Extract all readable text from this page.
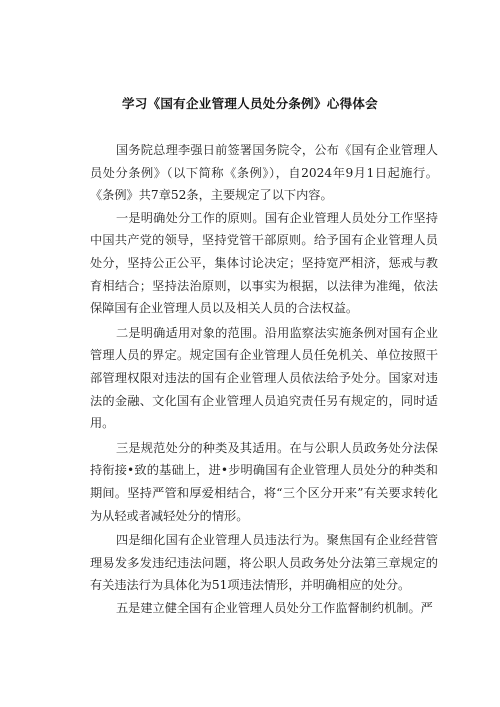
学习《国有企业管理人员处分条例》心得体会

国务院总理李强日前签署国务院令，公布《国有企业管理人员处分条例》（以下简称《条例》），自2024年9月1日起施行。《条例》共7章52条，主要规定了以下内容。

一是明确处分工作的原则。国有企业管理人员处分工作坚持中国共产党的领导，坚持党管干部原则。给予国有企业管理人员处分，坚持公正公平，集体讨论决定；坚持宽严相济，惩戒与教育相结合；坚持法治原则，以事实为根据，以法律为准绳，依法保障国有企业管理人员以及相关人员的合法权益。

二是明确适用对象的范围。沿用监察法实施条例对国有企业管理人员的界定。规定国有企业管理人员任免机关、单位按照干部管理权限对违法的国有企业管理人员依法给予处分。国家对违法的金融、文化国有企业管理人员追究责任另有规定的，同时适用。

三是规范处分的种类及其适用。在与公职人员政务处分法保持衔接•致的基础上，进•步明确国有企业管理人员处分的种类和期间。坚持严管和厚爱相结合，将“三个区分开来”有关要求转化为从轻或者减轻处分的情形。

四是细化国有企业管理人员违法行为。聚焦国有企业经营管理易发多发违纪违法问题，将公职人员政务处分法第三章规定的有关违法行为具体化为51项违法情形，并明确相应的处分。

五是建立健全国有企业管理人员处分工作监督制约机制。严
